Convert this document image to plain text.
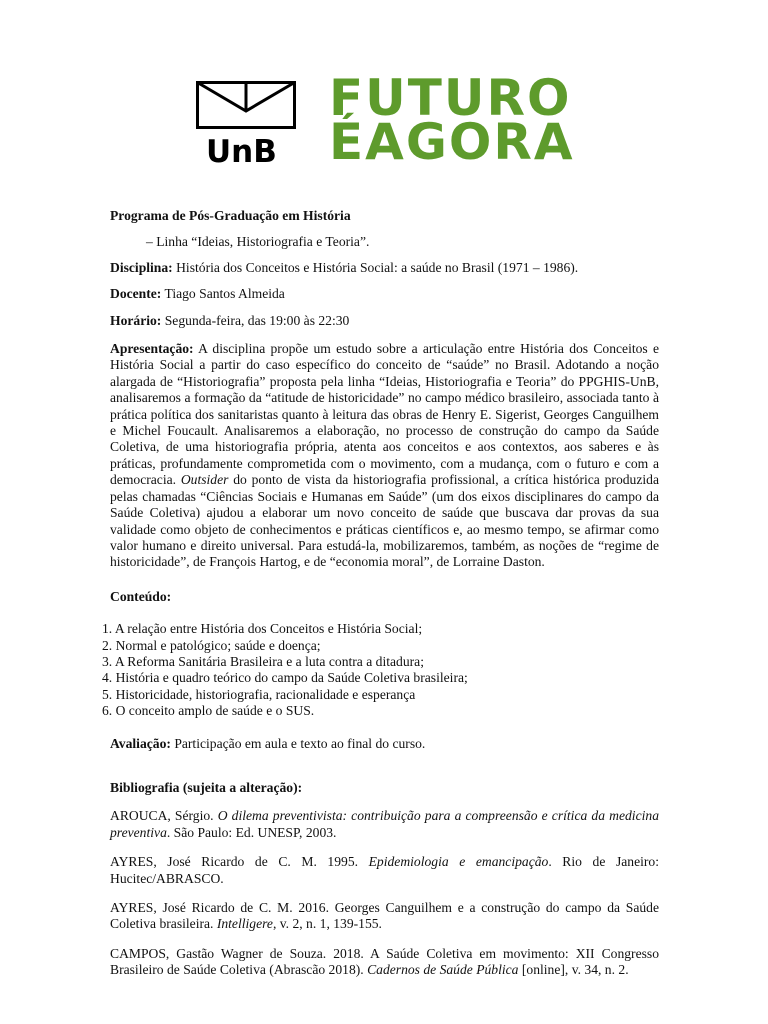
UnB
FUTURO
ÉAGORA

Programa de Pós-Graduação em História

– Linha “Ideias, Historiografia e Teoria”.

Disciplina: História dos Conceitos e História Social: a saúde no Brasil (1971 – 1986).

Docente: Tiago Santos Almeida

Horário: Segunda-feira, das 19:00 às 22:30

Apresentação: A disciplina propõe um estudo sobre a articulação entre História dos Conceitos e História Social a partir do caso específico do conceito de “saúde” no Brasil. Adotando a noção alargada de “Historiografia” proposta pela linha “Ideias, Historiografia e Teoria” do PPGHIS-UnB, analisaremos a formação da “atitude de historicidade” no campo médico brasileiro, associada tanto à prática política dos sanitaristas quanto à leitura das obras de Henry E. Sigerist, Georges Canguilhem e Michel Foucault. Analisaremos a elaboração, no processo de construção do campo da Saúde Coletiva, de uma historiografia própria, atenta aos conceitos e aos contextos, aos saberes e às práticas, profundamente comprometida com o movimento, com a mudança, com o futuro e com a democracia. Outsider do ponto de vista da historiografia profissional, a crítica histórica produzida pelas chamadas “Ciências Sociais e Humanas em Saúde” (um dos eixos disciplinares do campo da Saúde Coletiva) ajudou a elaborar um novo conceito de saúde que buscava dar provas da sua validade como objeto de conhecimentos e práticas científicos e, ao mesmo tempo, se afirmar como valor humano e direito universal. Para estudá-la, mobilizaremos, também, as noções de “regime de historicidade”, de François Hartog, e de “economia moral”, de Lorraine Daston.

Conteúdo:

1. A relação entre História dos Conceitos e História Social;
2. Normal e patológico; saúde e doença;
3. A Reforma Sanitária Brasileira e a luta contra a ditadura;
4. História e quadro teórico do campo da Saúde Coletiva brasileira;
5. Historicidade, historiografia, racionalidade e esperança
6. O conceito amplo de saúde e o SUS.

Avaliação: Participação em aula e texto ao final do curso.

Bibliografia (sujeita a alteração):

AROUCA, Sérgio. O dilema preventivista: contribuição para a compreensão e crítica da medicina preventiva. São Paulo: Ed. UNESP, 2003.

AYRES, José Ricardo de C. M. 1995. Epidemiologia e emancipação. Rio de Janeiro: Hucitec/ABRASCO.

AYRES, José Ricardo de C. M. 2016. Georges Canguilhem e a construção do campo da Saúde Coletiva brasileira. Intelligere, v. 2, n. 1, 139-155.

CAMPOS, Gastão Wagner de Souza. 2018. A Saúde Coletiva em movimento: XII Congresso Brasileiro de Saúde Coletiva (Abrascão 2018). Cadernos de Saúde Pública [online], v. 34, n. 2.
